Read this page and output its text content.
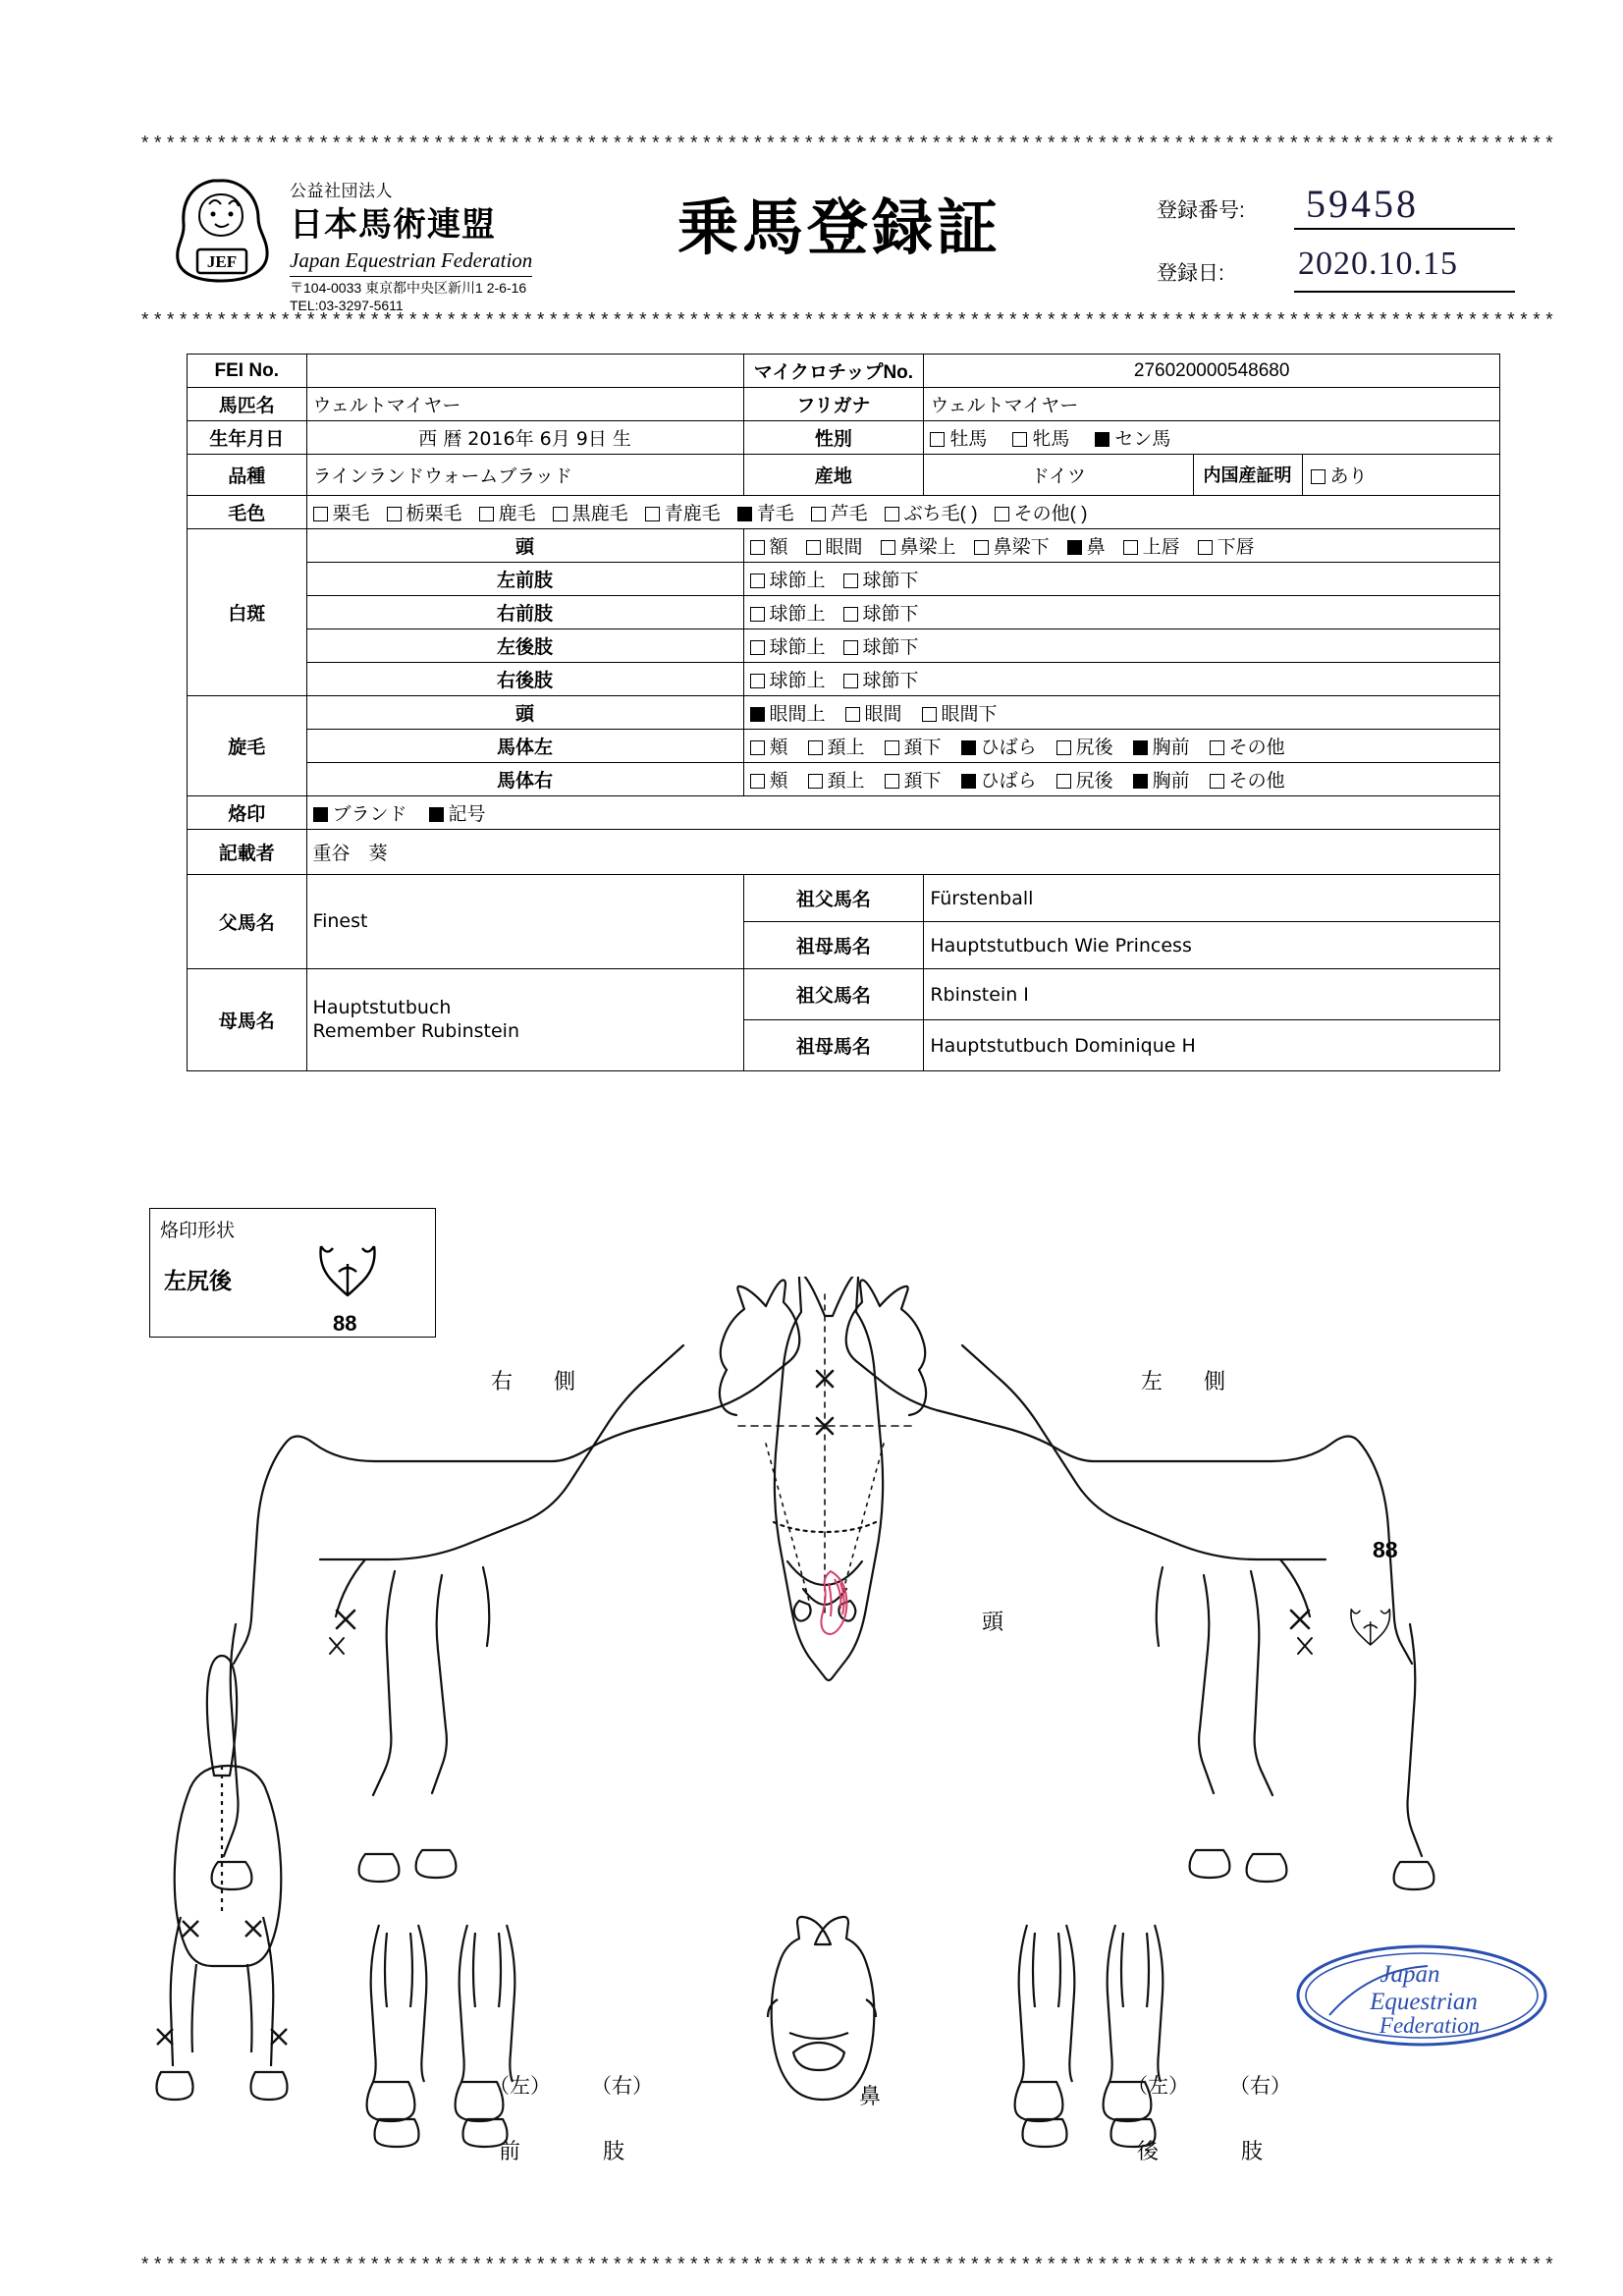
***************************************************************************************************************
JEF
公益社団法人
日本馬術連盟
Japan Equestrian Federation
〒104-0033 東京都中央区新川1 2-6-16
TEL:03-3297-5611
乗馬登録証	登録番号: 59458
登録日: 2020.10.15
***************************************************************************************************************
FEI No.		マイクロチップNo.	276020000548680	
馬匹名	ウェルトマイヤー	フリガナ	ウェルトマイヤー	
生年月日	西 暦 2016年 6月 9日 生	性別	牡馬 牝馬 セン馬	

品種	ラインランドウォームブラッド	産地	ドイツ	内国産証明 あり

毛色	栗毛	栃栗毛	鹿毛	黒鹿毛	青鹿毛	青毛	芦毛	ぶち毛( )	その他( )

白斑	頭	額	眼間	鼻梁上	鼻梁下	鼻	上唇	下唇

	左前肢	球節上 球節下		

	右前肢	球節上 球節下		

	左後肢	球節上 球節下		

	右後肢	球節上 球節下		

旋毛	頭	眼間上 眼間 眼間下		

馬体左	頬	頚上	頚下	ひばら	尻後	胸前	その他

馬体右	頬	頚上	頚下	ひばら	尻後	胸前	その他

烙印	ブランド 記号			

記載者	重谷　葵			
父馬名	Finest	祖父馬名	Fürstenball	
		祖母馬名	Hauptstutbuch Wie Princess	
母馬名	Hauptstutbuch
Remember Rubinstein	祖父馬名	Rbinstein I	
		祖母馬名	Hauptstutbuch Dominique H	
烙印形状
左尻後
88
右　側	左　側
頭
鼻
88
（左） （右）
前	肢
（左） （右）
後	肢
Japan
Equestrian
Federation
***************************************************************************************************************
